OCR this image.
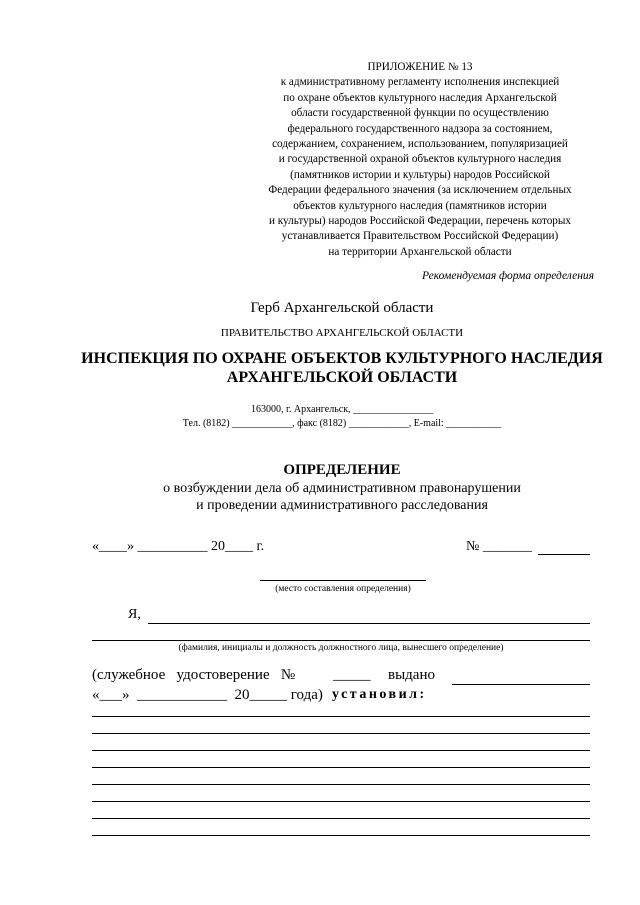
ПРИЛОЖЕНИЕ № 13
к административному регламенту исполнения инспекцией
по охране объектов культурного наследия Архангельской
области государственной функции по осуществлению
федерального государственного надзора за состоянием,
содержанием, сохранением, использованием, популяризацией
и государственной охраной объектов культурного наследия
(памятников истории и культуры) народов Российской
Федерации федерального значения (за исключением отдельных
объектов культурного наследия (памятников истории
и культуры) народов Российской Федерации, перечень которых
устанавливается Правительством Российской Федерации)
на территории Архангельской области
Рекомендуемая форма определения
Герб Архангельской области
ПРАВИТЕЛЬСТВО АРХАНГЕЛЬСКОЙ ОБЛАСТИ
ИНСПЕКЦИЯ ПО ОХРАНЕ ОБЪЕКТОВ КУЛЬТУРНОГО НАСЛЕДИЯ
АРХАНГЕЛЬСКОЙ ОБЛАСТИ
163000, г. Архангельск, ________________
Тел. (8182) ____________, факс (8182) ____________, E-mail: ___________
ОПРЕДЕЛЕНИЕ
о возбуждении дела об административном правонарушении
и проведении административного расследования
«____» __________ 20____ г.	№ _______
(место составления определения)
Я,
(фамилия, инициалы и должность должностного лица, вынесшего определение)
(служебное   удостоверение   №	_____ выдано
«___»  ____________  20_____ года) установил:
